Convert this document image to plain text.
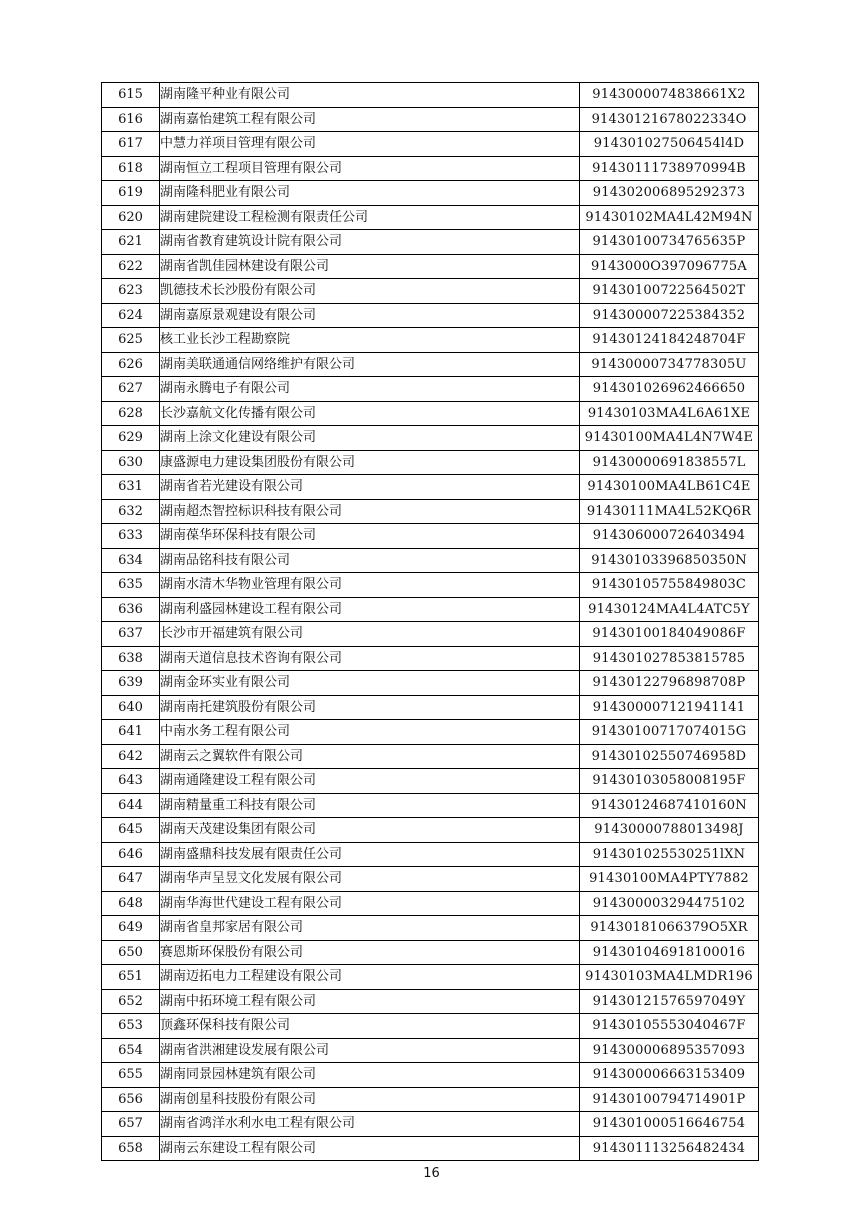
615	湖南隆平种业有限公司	9143000074838661X2
616	湖南嘉怡建筑工程有限公司	91430121678022334O
617	中慧力祥项目管理有限公司	914301027506454l4D
618	湖南恒立工程项目管理有限公司	91430111738970994B
619	湖南隆科肥业有限公司	914302006895292373
620	湖南建院建设工程检测有限责任公司	91430102MA4L42M94N
621	湖南省教育建筑设计院有限公司	91430100734765635P
622	湖南省凯佳园林建设有限公司	9143000O397096775A
623	凯德技术长沙股份有限公司	91430100722564502T
624	湖南嘉原景观建设有限公司	914300007225384352
625	核工业长沙工程勘察院	91430124184248704F
626	湖南美联通通信网络维护有限公司	91430000734778305U
627	湖南永腾电子有限公司	914301026962466650
628	长沙嘉航文化传播有限公司	91430103MA4L6A61XE
629	湖南上涂文化建设有限公司	91430100MA4L4N7W4E
630	康盛源电力建设集团股份有限公司	91430000691838557L
631	湖南省若光建设有限公司	91430100MA4LB61C4E
632	湖南超杰智控标识科技有限公司	91430111MA4L52KQ6R
633	湖南葆华环保科技有限公司	914306000726403494
634	湖南品铭科技有限公司	91430103396850350N
635	湖南水清木华物业管理有限公司	91430105755849803C
636	湖南利盛园林建设工程有限公司	91430124MA4L4ATC5Y
637	长沙市开福建筑有限公司	91430100184049086F
638	湖南天道信息技术咨询有限公司	914301027853815785
639	湖南金环实业有限公司	91430122796898708P
640	湖南南托建筑股份有限公司	914300007121941141
641	中南水务工程有限公司	91430100717074015G
642	湖南云之翼软件有限公司	91430102550746958D
643	湖南通隆建设工程有限公司	91430103058008195F
644	湖南精量重工科技有限公司	91430124687410160N
645	湖南天茂建设集团有限公司	91430000788013498J
646	湖南盛鼎科技发展有限责任公司	914301025530251lXN
647	湖南华声呈昱文化发展有限公司	91430100MA4PTY7882
648	湖南华海世代建设工程有限公司	914300003294475102
649	湖南省皇邦家居有限公司	91430181066379O5XR
650	赛恩斯环保股份有限公司	914301046918100016
651	湖南迈拓电力工程建设有限公司	91430103MA4LMDR196
652	湖南中拓环境工程有限公司	91430121576597049Y
653	顶鑫环保科技有限公司	91430105553040467F
654	湖南省洪湘建设发展有限公司	914300006895357093
655	湖南同景园林建筑有限公司	914300006663153409
656	湖南创星科技股份有限公司	91430100794714901P
657	湖南省鸿洋水利水电工程有限公司	914301000516646754
658	湖南云东建设工程有限公司	914301113256482434
16
